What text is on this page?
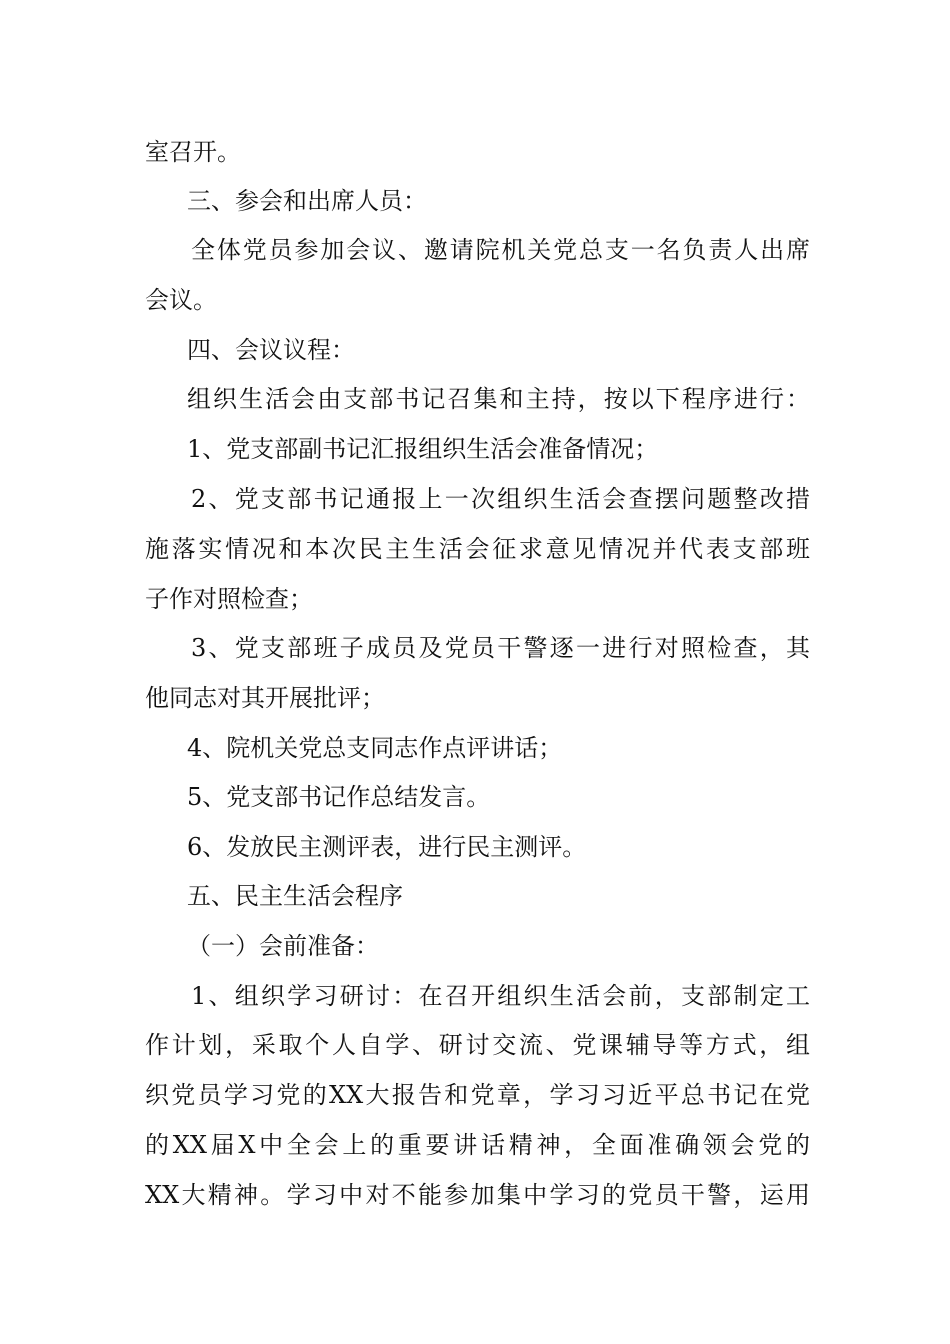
室召开。
三、参会和出席人员：
全体党员参加会议、邀请院机关党总支一名负责人出席
会议。
四、会议议程：
组织生活会由支部书记召集和主持，按以下程序进行：
1、党支部副书记汇报组织生活会准备情况；
2、党支部书记通报上一次组织生活会查摆问题整改措
施落实情况和本次民主生活会征求意见情况并代表支部班
子作对照检查；
3、党支部班子成员及党员干警逐一进行对照检查，其
他同志对其开展批评；
4、院机关党总支同志作点评讲话；
5、党支部书记作总结发言。
6、发放民主测评表，进行民主测评。
五、民主生活会程序
（一）会前准备：
1、组织学习研讨：在召开组织生活会前，支部制定工
作计划，采取个人自学、研讨交流、党课辅导等方式，组
织党员学习党的XX大报告和党章，学习习近平总书记在党
的XX届X中全会上的重要讲话精神，全面准确领会党的
XX大精神。学习中对不能参加集中学习的党员干警，运用
